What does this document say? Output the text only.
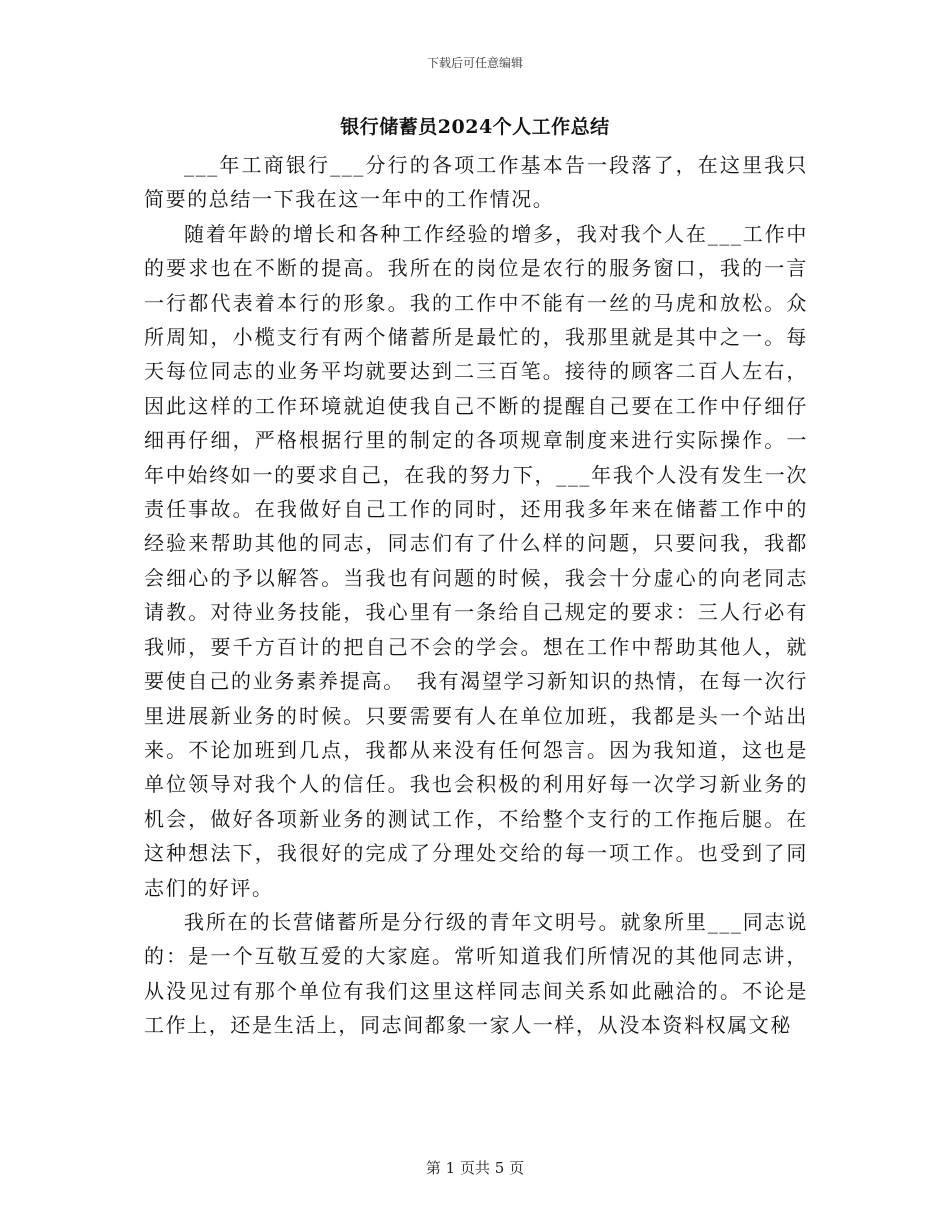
下载后可任意编辑
银行储蓄员2024个人工作总结

___年工商银行___分行的各项工作基本告一段落了，在这里我只简要的总结一下我在这一年中的工作情况。

随着年龄的增长和各种工作经验的增多，我对我个人在___工作中的要求也在不断的提高。我所在的岗位是农行的服务窗口，我的一言一行都代表着本行的形象。我的工作中不能有一丝的马虎和放松。众所周知，小榄支行有两个储蓄所是最忙的，我那里就是其中之一。每天每位同志的业务平均就要达到二三百笔。接待的顾客二百人左右，因此这样的工作环境就迫使我自己不断的提醒自己要在工作中仔细仔细再仔细，严格根据行里的制定的各项规章制度来进行实际操作。一年中始终如一的要求自己，在我的努力下，___年我个人没有发生一次责任事故。在我做好自己工作的同时，还用我多年来在储蓄工作中的经验来帮助其他的同志，同志们有了什么样的问题，只要问我，我都会细心的予以解答。当我也有问题的时候，我会十分虚心的向老同志请教。对待业务技能，我心里有一条给自己规定的要求：三人行必有我师，要千方百计的把自己不会的学会。想在工作中帮助其他人，就要使自己的业务素养提高。　我有渴望学习新知识的热情，在每一次行里进展新业务的时候。只要需要有人在单位加班，我都是头一个站出来。不论加班到几点，我都从来没有任何怨言。因为我知道，这也是单位领导对我个人的信任。我也会积极的利用好每一次学习新业务的机会，做好各项新业务的测试工作，不给整个支行的工作拖后腿。在这种想法下，我很好的完成了分理处交给的每一项工作。也受到了同志们的好评。

我所在的长营储蓄所是分行级的青年文明号。就象所里___同志说的：是一个互敬互爱的大家庭。常听知道我们所情况的其他同志讲，从没见过有那个单位有我们这里这样同志间关系如此融洽的。不论是工作上，还是生活上，同志间都象一家人一样，从没本资料权属文秘

第 1 页共 5 页
